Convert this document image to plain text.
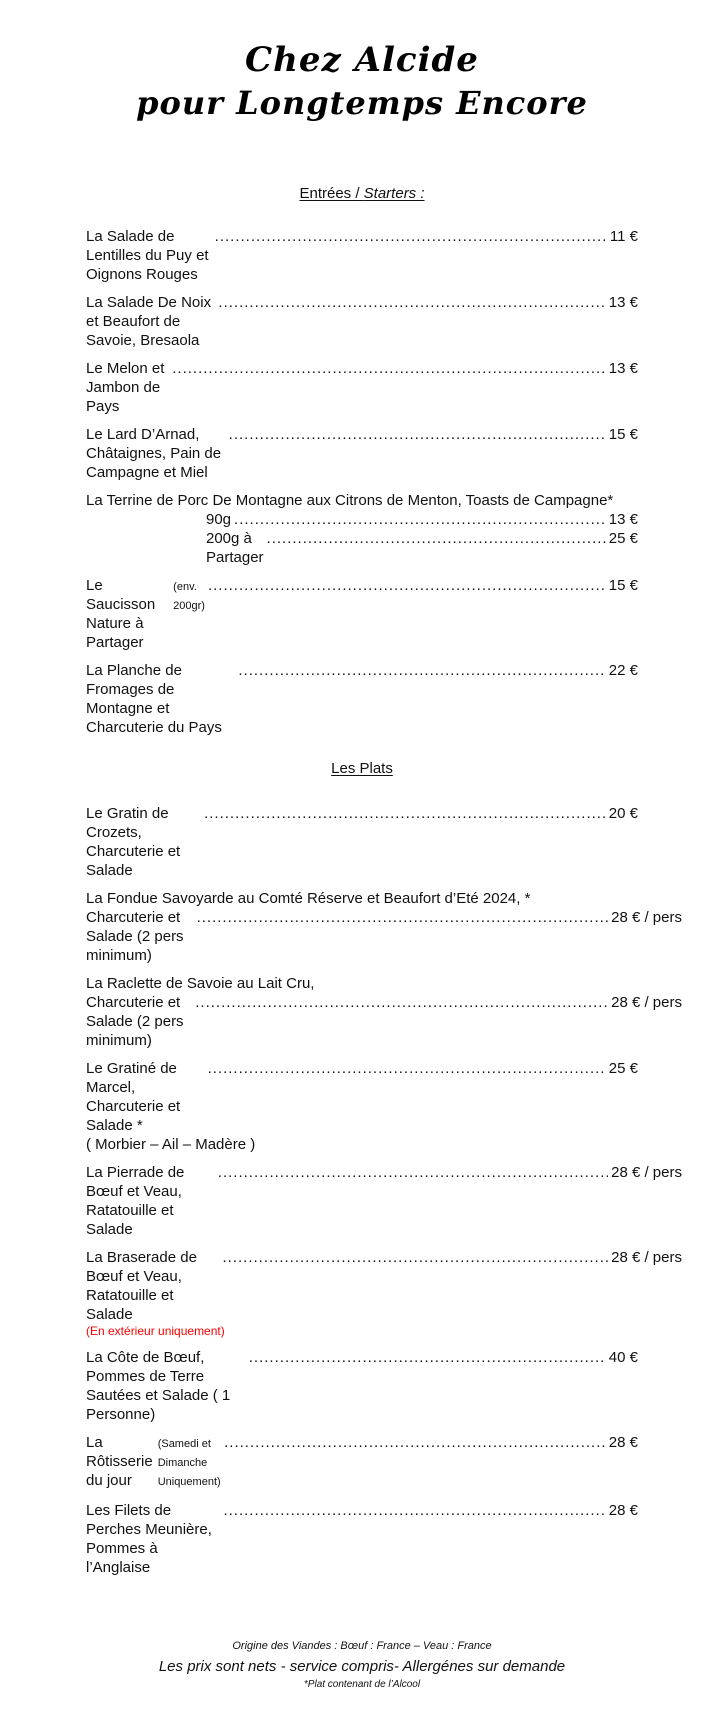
Chez Alcide
pour Longtemps Encore
Entrées / Starters :
La Salade de Lentilles du Puy et Oignons Rouges
.....
11 €
La Salade De Noix et Beaufort de Savoie, Bresaola
.....
13 €
Le Melon et Jambon de Pays
.....
13 €
Le Lard D’Arnad, Châtaignes, Pain de Campagne et Miel
.....
15 €
La Terrine de Porc De Montagne aux Citrons de Menton, Toasts de Campagne*
90g .....	13 €
200g à Partager
.....
25 €
Le Saucisson Nature à Partager
(env. 200gr)
.....
15 €
La Planche de Fromages de Montagne et Charcuterie du Pays
.....
22 €
Les Plats
Le Gratin de Crozets, Charcuterie et Salade
.....
20 €
La Fondue Savoyarde au Comté Réserve et Beaufort d’Eté 2024, *
Charcuterie et Salade (2 pers minimum)
.....
28 € / pers
La Raclette de Savoie au Lait Cru,
Charcuterie et Salade (2 pers minimum)
.....
28 € / pers
Le Gratiné de Marcel, Charcuterie et Salade *
.....
25 €
( Morbier – Ail – Madère )
La Pierrade de Bœuf et Veau, Ratatouille et Salade
.....
28 € / pers
La Braserade de Bœuf et Veau, Ratatouille et Salade
.....
28 € / pers
(En extérieur uniquement)
La Côte de Bœuf, Pommes de Terre Sautées et Salade ( 1 Personne)
.....
40 €
La Rôtisserie du jour
(Samedi et Dimanche Uniquement)
.....
28 €
Les Filets de Perches Meunière, Pommes à l’Anglaise
.....
28 €

Origine des Viandes : Bœuf : France – Veau : France

Les prix sont nets - service compris- Allergénes sur demande

*Plat contenant de l’Alcool
